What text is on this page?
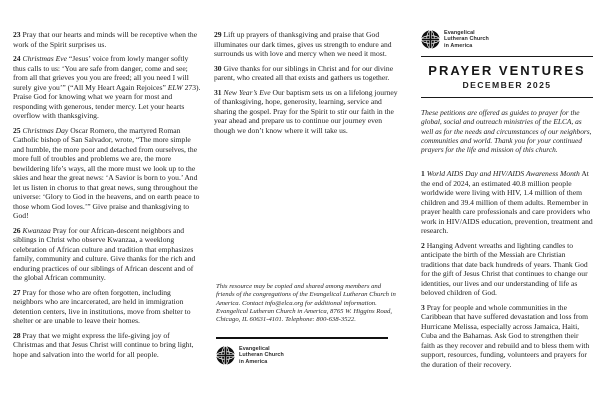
23 Pray that our hearts and minds will be receptive when the work of the Spirit surprises us.
24 Christmas Eve “Jesus’ voice from lowly manger softly thus calls to us: ‘You are safe from danger, come and see; from all that grieves you you are freed; all you need I will surely give you’” (“All My Heart Again Rejoices” ELW 273). Praise God for knowing what we yearn for most and responding with generous, tender mercy. Let your hearts overflow with thanksgiving.
25 Christmas Day Oscar Romero, the martyred Roman Catholic bishop of San Salvador, wrote, “The more simple and humble, the more poor and detached from ourselves, the more full of troubles and problems we are, the more bewildering life’s ways, all the more must we look up to the skies and hear the great news: ‘A Savior is born to you.’ And let us listen in chorus to that great news, sung throughout the universe: ‘Glory to God in the heavens, and on earth peace to those whom God loves.’” Give praise and thanksgiving to God!
26 Kwanzaa Pray for our African-descent neighbors and siblings in Christ who observe Kwanzaa, a weeklong celebration of African culture and tradition that emphasizes family, community and culture. Give thanks for the rich and enduring practices of our siblings of African descent and of the global African community.
27 Pray for those who are often forgotten, including neighbors who are incarcerated, are held in immigration detention centers, live in institutions, move from shelter to shelter or are unable to leave their homes.
28 Pray that we might express the life-giving joy of Christmas and that Jesus Christ will continue to bring light, hope and salvation into the world for all people.
29 Lift up prayers of thanksgiving and praise that God illuminates our dark times, gives us strength to endure and surrounds us with love and mercy when we need it most.
30 Give thanks for our siblings in Christ and for our divine parent, who created all that exists and gathers us together.
31 New Year’s Eve Our baptism sets us on a lifelong journey of thanksgiving, hope, generosity, learning, service and sharing the gospel. Pray for the Spirit to stir our faith in the year ahead and prepare us to continue our journey even though we don’t know where it will take us.
This resource may be copied and shared among members and friends of the congregations of the Evangelical Lutheran Church in America. Contact info@elca.org for additional information. Evangelical Lutheran Church in America, 8765 W. Higgins Road, Chicago, IL 60631-4101. Telephone: 800-638-3522.
Evangelical
Lutheran Church
in America
Evangelical
Lutheran Church
in America
PRAYER VENTURES
DECEMBER 2025
These petitions are offered as guides to prayer for the global, social and outreach ministries of the ELCA, as well as for the needs and circumstances of our neighbors, communities and world. Thank you for your continued prayers for the life and mission of this church.
1 World AIDS Day and HIV/AIDS Awareness Month At the end of 2024, an estimated 40.8 million people worldwide were living with HIV, 1.4 million of them children and 39.4 million of them adults. Remember in prayer health care professionals and care providers who work in HIV/AIDS education, prevention, treatment and research.
2 Hanging Advent wreaths and lighting candles to anticipate the birth of the Messiah are Christian traditions that date back hundreds of years. Thank God for the gift of Jesus Christ that continues to change our identities, our lives and our understanding of life as beloved children of God.
3 Pray for people and whole communities in the Caribbean that have suffered devastation and loss from Hurricane Melissa, especially across Jamaica, Haiti, Cuba and the Bahamas. Ask God to strengthen their faith as they recover and rebuild and to bless them with support, resources, funding, volunteers and prayers for the duration of their recovery.
